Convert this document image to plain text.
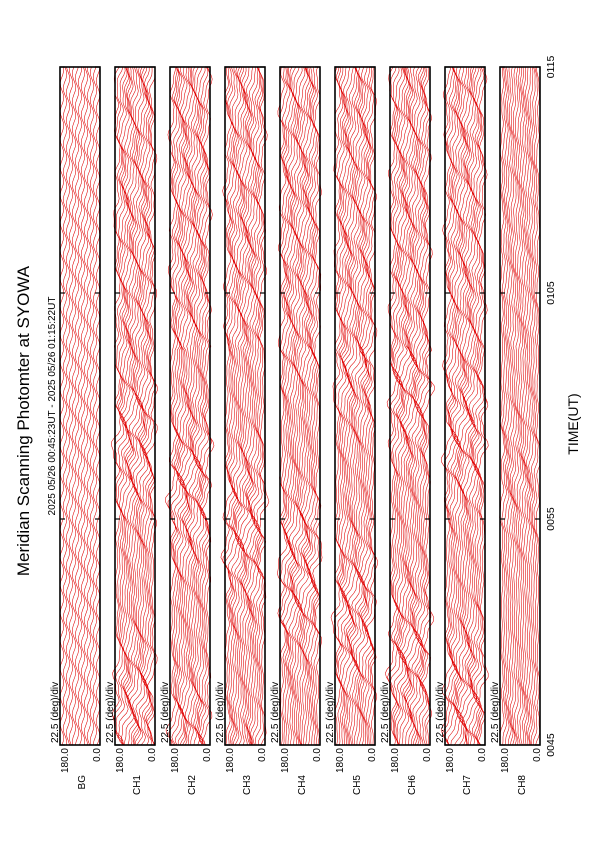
Meridian Scanning Photomter at SYOWA 2025 05/26 00:45:23UT - 2025 05/26 01:15:22UT
180.0 0.0
BG
22.5 (deg)/div
180.0 0.0
CH1
22.5 (deg)/div
180.0 0.0
CH2
22.5 (deg)/div
180.0 0.0
CH3
22.5 (deg)/div
180.0 0.0
CH4
22.5 (deg)/div
180.0 0.0
CH5
22.5 (deg)/div
180.0 0.0
CH6
22.5 (deg)/div
180.0 0.0
CH7
22.5 (deg)/div
180.0 0.0
CH8
22.5 (deg)/div
0045
0055
0105
0115
TIME(UT)
